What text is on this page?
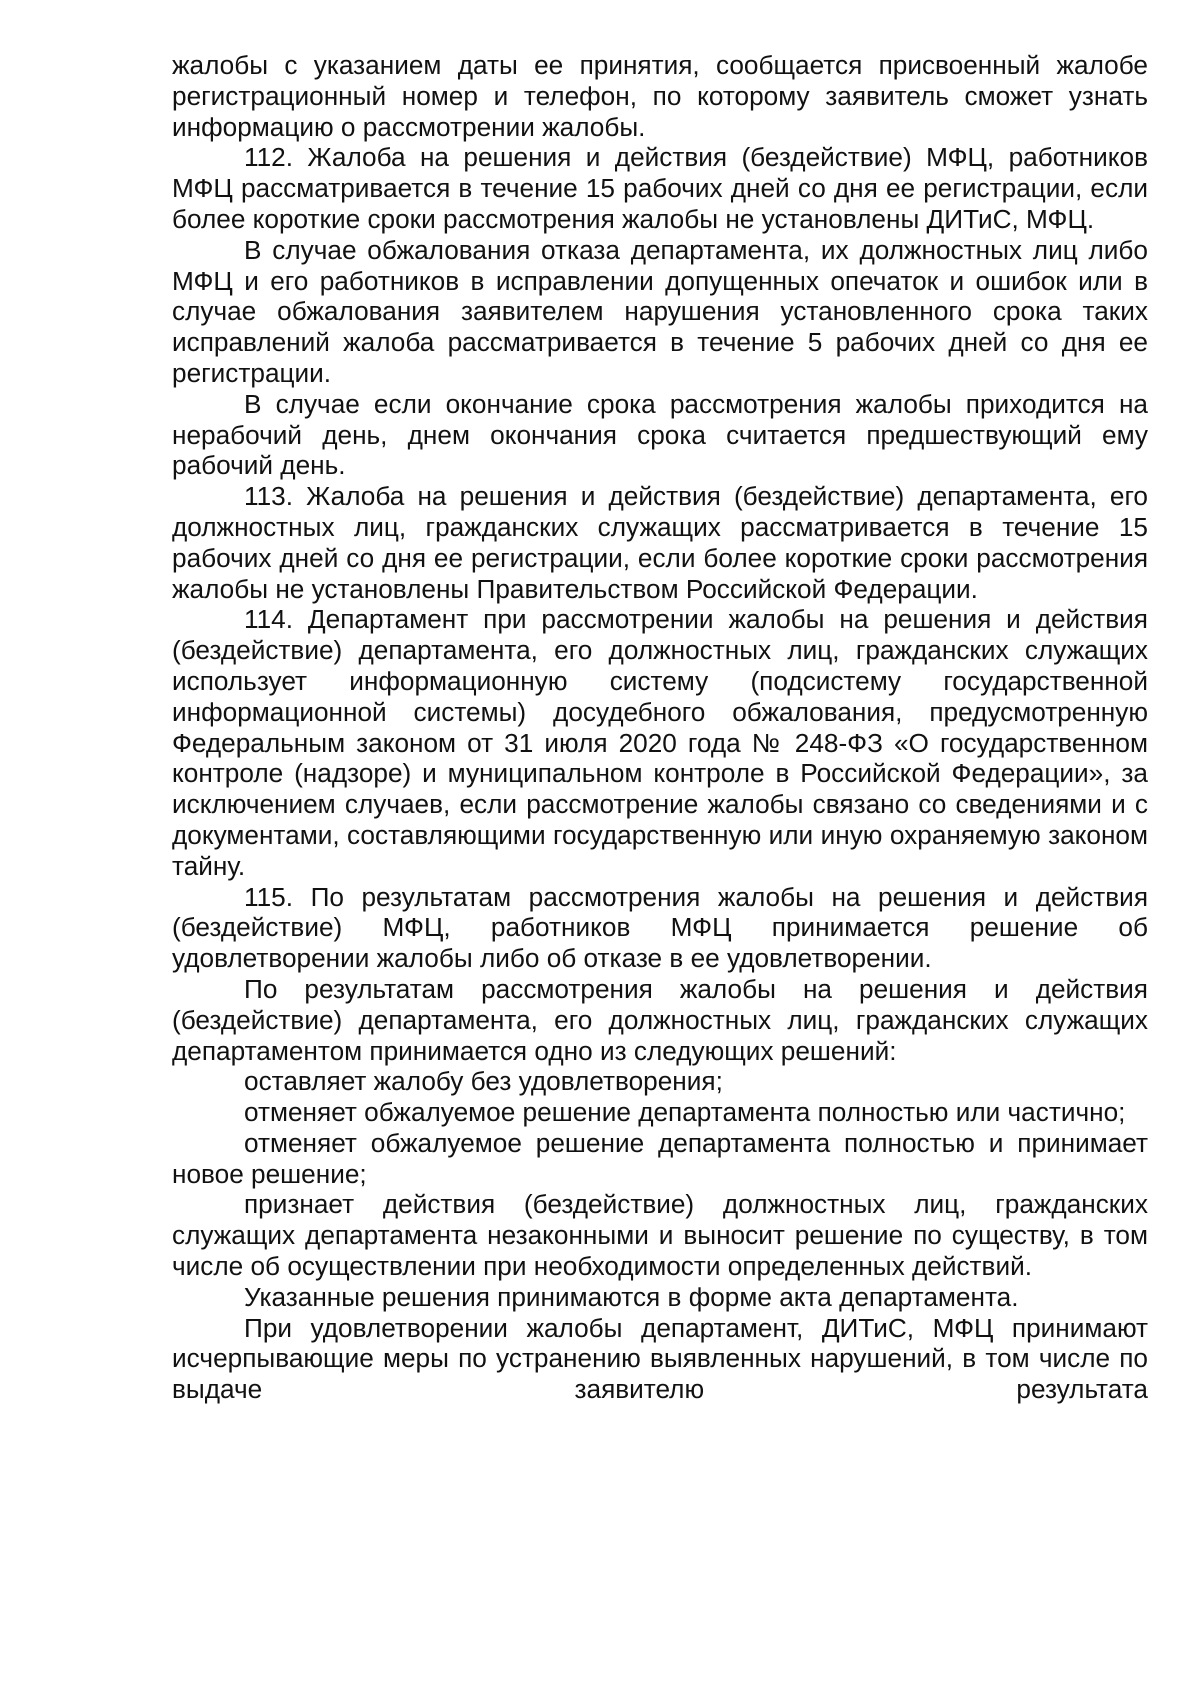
жалобы с указанием даты ее принятия, сообщается присвоенный жалобе регистрационный номер и телефон, по которому заявитель сможет узнать информацию о рассмотрении жалобы.

112. Жалоба на решения и действия (бездействие) МФЦ, работников МФЦ рассматривается в течение 15 рабочих дней со дня ее регистрации, если более короткие сроки рассмотрения жалобы не установлены ДИТиС, МФЦ.

В случае обжалования отказа департамента, их должностных лиц либо МФЦ и его работников в исправлении допущенных опечаток и ошибок или в случае обжалования заявителем нарушения установленного срока таких исправлений жалоба рассматривается в течение 5 рабочих дней со дня ее регистрации.

В случае если окончание срока рассмотрения жалобы приходится на нерабочий день, днем окончания срока считается предшествующий ему рабочий день.

113. Жалоба на решения и действия (бездействие) департамента, его должностных лиц, гражданских служащих рассматривается в течение 15 рабочих дней со дня ее регистрации, если более короткие сроки рассмотрения жалобы не установлены Правительством Российской Федерации.

114. Департамент при рассмотрении жалобы на решения и действия (бездействие) департамента, его должностных лиц, гражданских служащих использует информационную систему (подсистему государственной информационной системы) досудебного обжалования, предусмотренную Федеральным законом от 31 июля 2020 года № 248-ФЗ «О государственном контроле (надзоре) и муниципальном контроле в Российской Федерации», за исключением случаев, если рассмотрение жалобы связано со сведениями и с документами, составляющими государственную или иную охраняемую законом тайну.

115. По результатам рассмотрения жалобы на решения и действия (бездействие) МФЦ, работников МФЦ принимается решение об удовлетворении жалобы либо об отказе в ее удовлетворении.

По результатам рассмотрения жалобы на решения и действия (бездействие) департамента, его должностных лиц, гражданских служащих департаментом принимается одно из следующих решений:

оставляет жалобу без удовлетворения;

отменяет обжалуемое решение департамента полностью или частично;

отменяет обжалуемое решение департамента полностью и принимает новое решение;

признает действия (бездействие) должностных лиц, гражданских служащих департамента незаконными и выносит решение по существу, в том числе об осуществлении при необходимости определенных действий.

Указанные решения принимаются в форме акта департамента.

При удовлетворении жалобы департамент, ДИТиС, МФЦ принимают исчерпывающие меры по устранению выявленных нарушений, в том числе по выдаче заявителю результата
